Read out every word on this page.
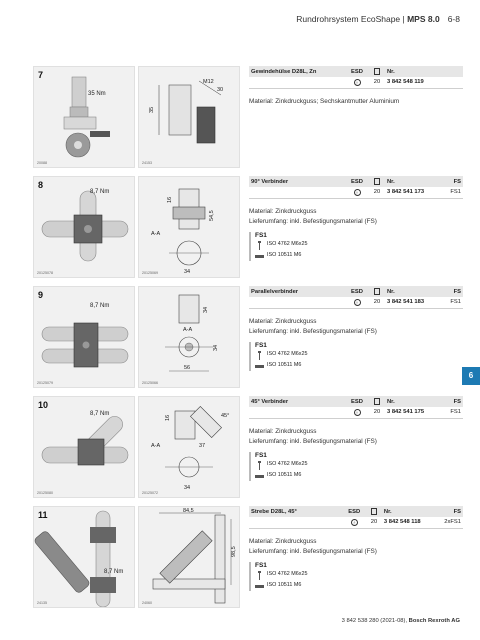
Rundrohrsystem EcoShape | MPS 8.0 6-8
6
7
35 Nm
20088
35
M12
30
24153
Gewindehülse D28L, Zn	ESD		Nr.	
	⏚	20	3 842 548 119	
Material: Zinkdruckguss; Sechskantmutter Aluminium
8
8,7 Nm
20125078
16
54,5
A-A
34
20125069
90° Verbinder	ESD		Nr.	FS
	⏚	20	3 842 541 173	FS1
Material: Zinkdruckguss
Lieferumfang: inkl. Befestigungsmaterial (FS)
FS1
ISO 4762 M6x25
ISO 10511 M6
9
8,7 Nm
20125079
34
A-A
34
56
20125066
Parallelverbinder	ESD		Nr.	FS
	⏚	20	3 842 541 183	FS1
Material: Zinkdruckguss
Lieferumfang: inkl. Befestigungsmaterial (FS)
FS1
ISO 4762 M6x25
ISO 10511 M6
10
8,7 Nm
20125080
16	45°
A-A	37
34
20125072
45° Verbinder	ESD		Nr.	FS
	⏚	20	3 842 541 175	FS1
Material: Zinkdruckguss
Lieferumfang: inkl. Befestigungsmaterial (FS)
FS1
ISO 4762 M6x25
ISO 10511 M6
11
8,7 Nm
24135
84,5
98,5
24060
Strebe D28L, 45°	ESD		Nr.	FS
	⏚	20	3 842 548 118	2xFS1
Material: Zinkdruckguss
Lieferumfang: inkl. Befestigungsmaterial (FS)
FS1
ISO 4762 M6x25
ISO 10511 M6
3 842 538 280 (2021-08), Bosch Rexroth AG
